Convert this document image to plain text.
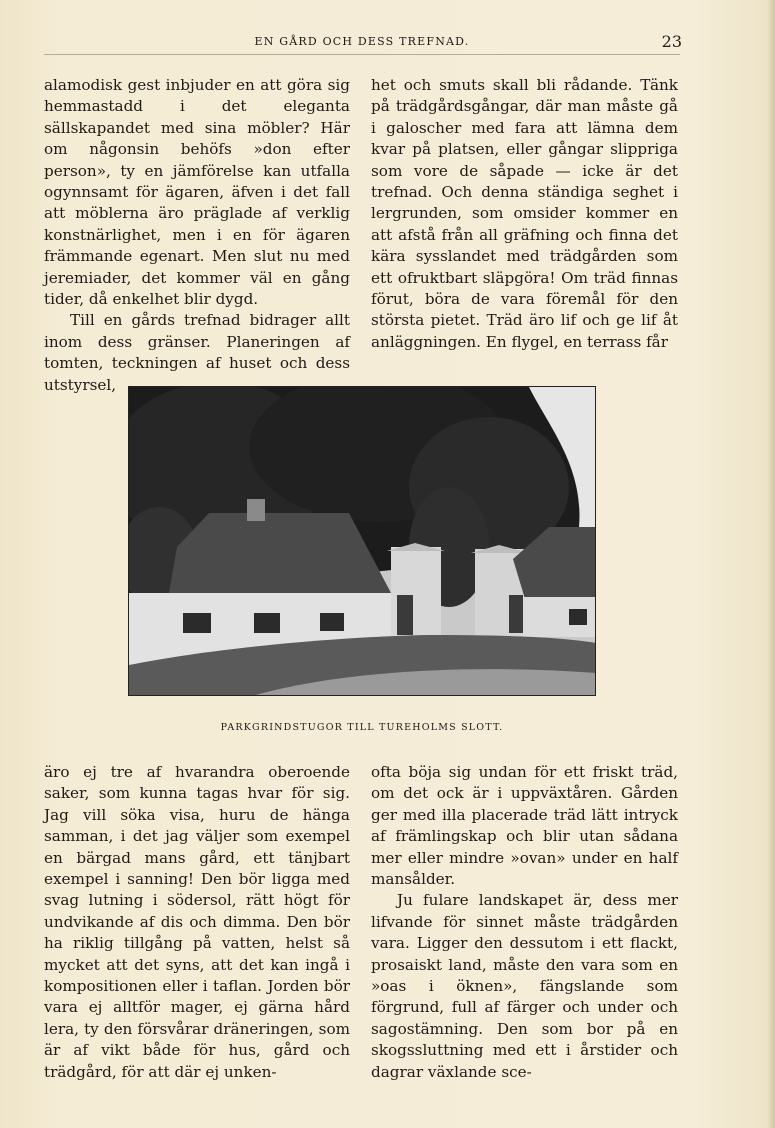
EN GÅRD OCH DESS TREFNAD.	23

alamodisk gest inbjuder en att göra sig hemmastadd i det eleganta sällskapandet med sina möbler? Här om någonsin behöfs »don efter person», ty en jämförelse kan utfalla ogynnsamt för ägaren, äfven i det fall att möblerna äro präglade af verklig konstnärlighet, men i en för ägaren främmande egenart. Men slut nu med jeremiader, det kommer väl en gång tider, då enkelhet blir dygd.

Till en gårds trefnad bidrager allt inom dess gränser. Planeringen af tomten, teckningen af huset och dess utstyrsel,

het och smuts skall bli rådande. Tänk på trädgårdsgångar, där man måste gå i galoscher med fara att lämna dem kvar på platsen, eller gångar slippriga som vore de såpade — icke är det trefnad. Och denna ständiga seghet i lergrunden, som omsider kommer en att afstå från all gräfning och finna det kära sysslandet med trädgården som ett ofruktbart släpgöra! Om träd finnas förut, böra de vara föremål för den största pietet. Träd äro lif och ge lif åt anläggningen. En flygel, en terrass får

PARKGRINDSTUGOR TILL TUREHOLMS SLOTT.

äro ej tre af hvarandra oberoende saker, som kunna tagas hvar för sig. Jag vill söka visa, huru de hänga samman, i det jag väljer som exempel en bärgad mans gård, ett tänjbart exempel i sanning! Den bör ligga med svag lutning i södersol, rätt högt för undvikande af dis och dimma. Den bör ha riklig tillgång på vatten, helst så mycket att det syns, att det kan ingå i kompositionen eller i taflan. Jorden bör vara ej alltför mager, ej gärna hård lera, ty den försvårar dräneringen, som är af vikt både för hus, gård och trädgård, för att där ej unken-

ofta böja sig undan för ett friskt träd, om det ock är i uppväxtåren. Gården ger med illa placerade träd lätt intryck af främlingskap och blir utan sådana mer eller mindre »ovan» under en half mansålder.

Ju fulare landskapet är, dess mer lifvande för sinnet måste trädgården vara. Ligger den dessutom i ett flackt, prosaiskt land, måste den vara som en »oas i öknen», fängslande som förgrund, full af färger och under och sagostämning. Den som bor på en skogssluttning med ett i årstider och dagrar växlande sce-
